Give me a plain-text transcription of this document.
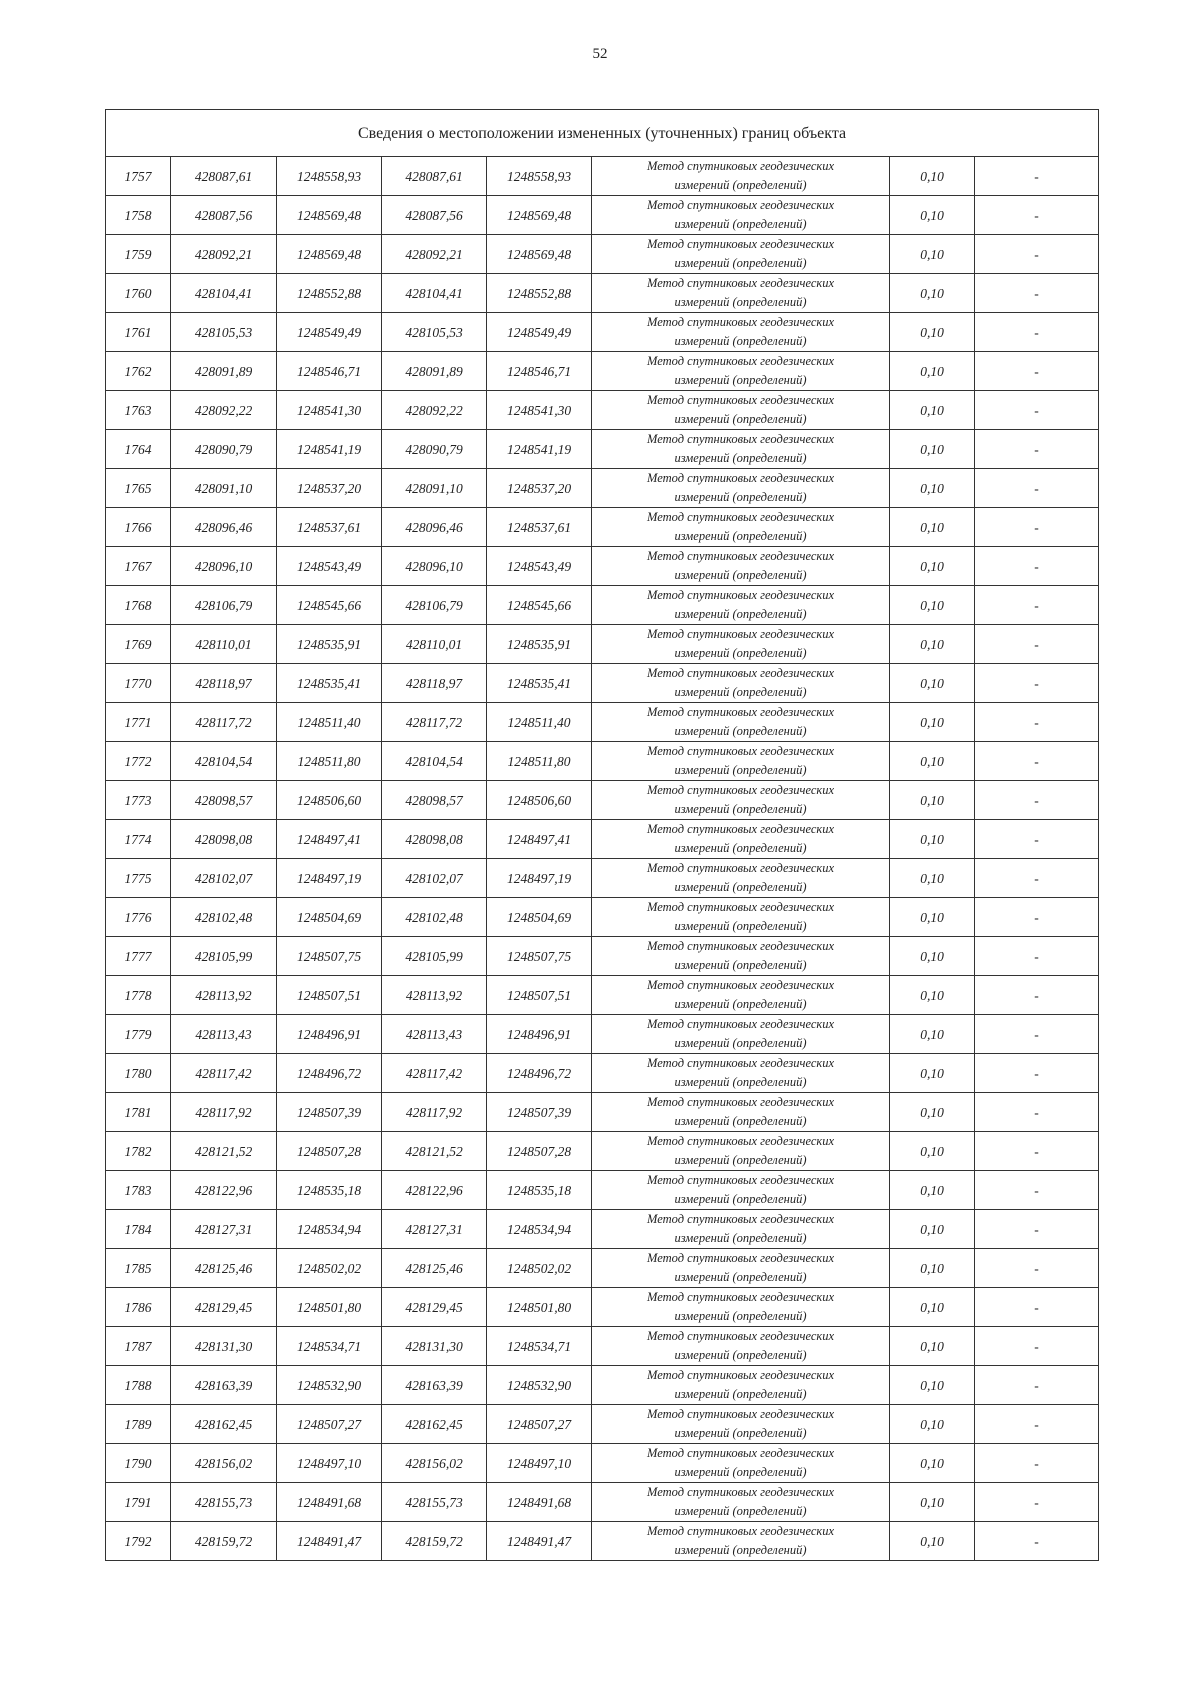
52
Сведения о местоположении измененных (уточненных) границ объекта							
1757	428087,61	1248558,93	428087,61	1248558,93	Метод спутниковых геодезических
измерений (определений)	0,10	-
1758	428087,56	1248569,48	428087,56	1248569,48	Метод спутниковых геодезических
измерений (определений)	0,10	-
1759	428092,21	1248569,48	428092,21	1248569,48	Метод спутниковых геодезических
измерений (определений)	0,10	-
1760	428104,41	1248552,88	428104,41	1248552,88	Метод спутниковых геодезических
измерений (определений)	0,10	-
1761	428105,53	1248549,49	428105,53	1248549,49	Метод спутниковых геодезических
измерений (определений)	0,10	-
1762	428091,89	1248546,71	428091,89	1248546,71	Метод спутниковых геодезических
измерений (определений)	0,10	-
1763	428092,22	1248541,30	428092,22	1248541,30	Метод спутниковых геодезических
измерений (определений)	0,10	-
1764	428090,79	1248541,19	428090,79	1248541,19	Метод спутниковых геодезических
измерений (определений)	0,10	-
1765	428091,10	1248537,20	428091,10	1248537,20	Метод спутниковых геодезических
измерений (определений)	0,10	-
1766	428096,46	1248537,61	428096,46	1248537,61	Метод спутниковых геодезических
измерений (определений)	0,10	-
1767	428096,10	1248543,49	428096,10	1248543,49	Метод спутниковых геодезических
измерений (определений)	0,10	-
1768	428106,79	1248545,66	428106,79	1248545,66	Метод спутниковых геодезических
измерений (определений)	0,10	-
1769	428110,01	1248535,91	428110,01	1248535,91	Метод спутниковых геодезических
измерений (определений)	0,10	-
1770	428118,97	1248535,41	428118,97	1248535,41	Метод спутниковых геодезических
измерений (определений)	0,10	-
1771	428117,72	1248511,40	428117,72	1248511,40	Метод спутниковых геодезических
измерений (определений)	0,10	-
1772	428104,54	1248511,80	428104,54	1248511,80	Метод спутниковых геодезических
измерений (определений)	0,10	-
1773	428098,57	1248506,60	428098,57	1248506,60	Метод спутниковых геодезических
измерений (определений)	0,10	-
1774	428098,08	1248497,41	428098,08	1248497,41	Метод спутниковых геодезических
измерений (определений)	0,10	-
1775	428102,07	1248497,19	428102,07	1248497,19	Метод спутниковых геодезических
измерений (определений)	0,10	-
1776	428102,48	1248504,69	428102,48	1248504,69	Метод спутниковых геодезических
измерений (определений)	0,10	-
1777	428105,99	1248507,75	428105,99	1248507,75	Метод спутниковых геодезических
измерений (определений)	0,10	-
1778	428113,92	1248507,51	428113,92	1248507,51	Метод спутниковых геодезических
измерений (определений)	0,10	-
1779	428113,43	1248496,91	428113,43	1248496,91	Метод спутниковых геодезических
измерений (определений)	0,10	-
1780	428117,42	1248496,72	428117,42	1248496,72	Метод спутниковых геодезических
измерений (определений)	0,10	-
1781	428117,92	1248507,39	428117,92	1248507,39	Метод спутниковых геодезических
измерений (определений)	0,10	-
1782	428121,52	1248507,28	428121,52	1248507,28	Метод спутниковых геодезических
измерений (определений)	0,10	-
1783	428122,96	1248535,18	428122,96	1248535,18	Метод спутниковых геодезических
измерений (определений)	0,10	-
1784	428127,31	1248534,94	428127,31	1248534,94	Метод спутниковых геодезических
измерений (определений)	0,10	-
1785	428125,46	1248502,02	428125,46	1248502,02	Метод спутниковых геодезических
измерений (определений)	0,10	-
1786	428129,45	1248501,80	428129,45	1248501,80	Метод спутниковых геодезических
измерений (определений)	0,10	-
1787	428131,30	1248534,71	428131,30	1248534,71	Метод спутниковых геодезических
измерений (определений)	0,10	-
1788	428163,39	1248532,90	428163,39	1248532,90	Метод спутниковых геодезических
измерений (определений)	0,10	-
1789	428162,45	1248507,27	428162,45	1248507,27	Метод спутниковых геодезических
измерений (определений)	0,10	-
1790	428156,02	1248497,10	428156,02	1248497,10	Метод спутниковых геодезических
измерений (определений)	0,10	-
1791	428155,73	1248491,68	428155,73	1248491,68	Метод спутниковых геодезических
измерений (определений)	0,10	-
1792	428159,72	1248491,47	428159,72	1248491,47	Метод спутниковых геодезических
измерений (определений)	0,10	-
